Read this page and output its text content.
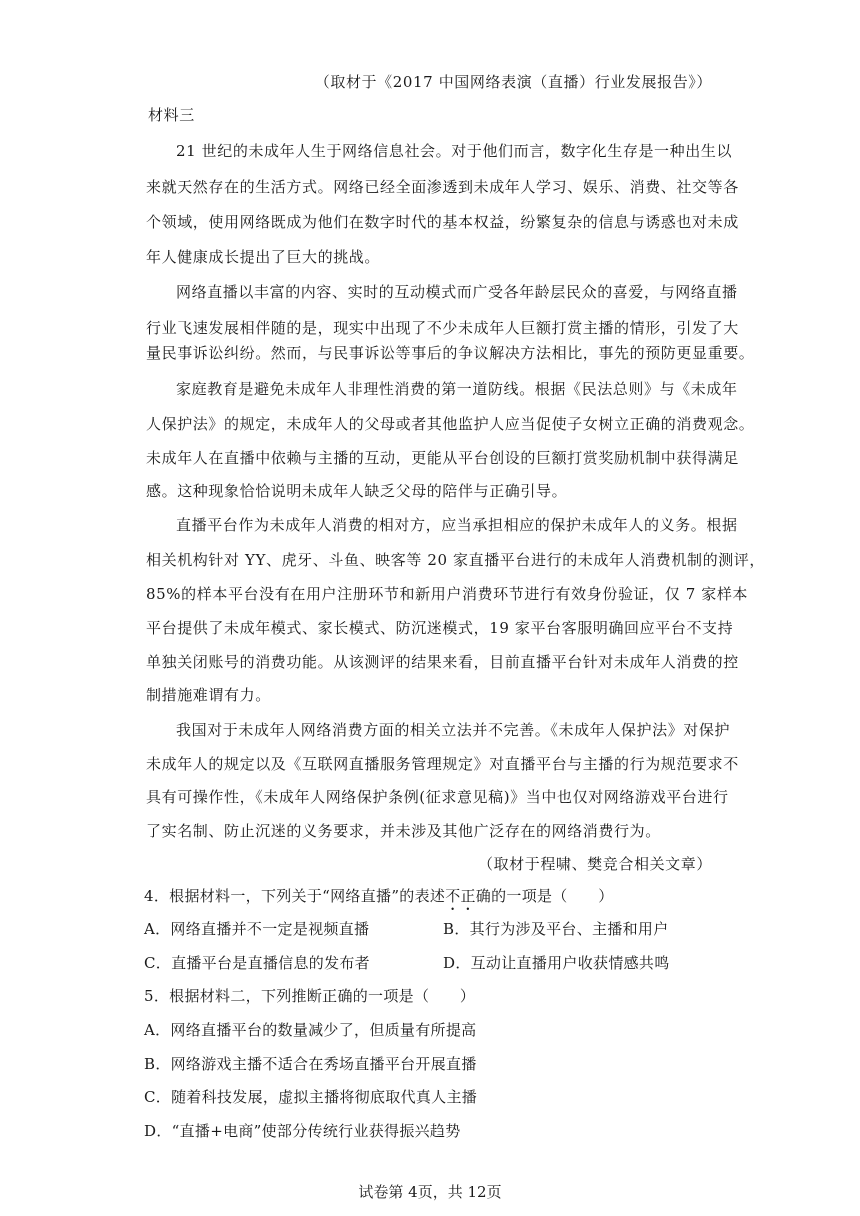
（取材于《2017 中国网络表演（直播）行业发展报告》）
材料三
21 世纪的未成年人生于网络信息社会。对于他们而言，数字化生存是一种出生以
来就天然存在的生活方式。网络已经全面渗透到未成年人学习、娱乐、消费、社交等各
个领域，使用网络既成为他们在数字时代的基本权益，纷繁复杂的信息与诱惑也对未成
年人健康成长提出了巨大的挑战。
网络直播以丰富的内容、实时的互动模式而广受各年龄层民众的喜爱，与网络直播
行业飞速发展相伴随的是，现实中出现了不少未成年人巨额打赏主播的情形，引发了大
量民事诉讼纠纷。然而，与民事诉讼等事后的争议解决方法相比，事先的预防更显重要。
家庭教育是避免未成年人非理性消费的第一道防线。根据《民法总则》与《未成年
人保护法》的规定，未成年人的父母或者其他监护人应当促使子女树立正确的消费观念。
未成年人在直播中依赖与主播的互动，更能从平台创设的巨额打赏奖励机制中获得满足
感。这种现象恰恰说明未成年人缺乏父母的陪伴与正确引导。
直播平台作为未成年人消费的相对方，应当承担相应的保护未成年人的义务。根据
相关机构针对 YY、虎牙、斗鱼、映客等 20 家直播平台进行的未成年人消费机制的测评，
85%的样本平台没有在用户注册环节和新用户消费环节进行有效身份验证，仅 7 家样本
平台提供了未成年模式、家长模式、防沉迷模式，19 家平台客服明确回应平台不支持
单独关闭账号的消费功能。从该测评的结果来看，目前直播平台针对未成年人消费的控
制措施难谓有力。
我国对于未成年人网络消费方面的相关立法并不完善。《未成年人保护法》对保护
未成年人的规定以及《互联网直播服务管理规定》对直播平台与主播的行为规范要求不
具有可操作性，《未成年人网络保护条例(征求意见稿)》当中也仅对网络游戏平台进行
了实名制、防止沉迷的义务要求，并未涉及其他广泛存在的网络消费行为。
（取材于程啸、樊竞合相关文章）
4．根据材料一，下列关于“网络直播”的表述不正确的一项是（　　）
A．网络直播并不一定是视频直播	B．其行为涉及平台、主播和用户
C．直播平台是直播信息的发布者	D．互动让直播用户收获情感共鸣
5．根据材料二，下列推断正确的一项是（　　）
A．网络直播平台的数量减少了，但质量有所提高
B．网络游戏主播不适合在秀场直播平台开展直播
C．随着科技发展，虚拟主播将彻底取代真人主播
D．“直播+电商”使部分传统行业获得振兴趋势
试卷第 4页，共 12页
